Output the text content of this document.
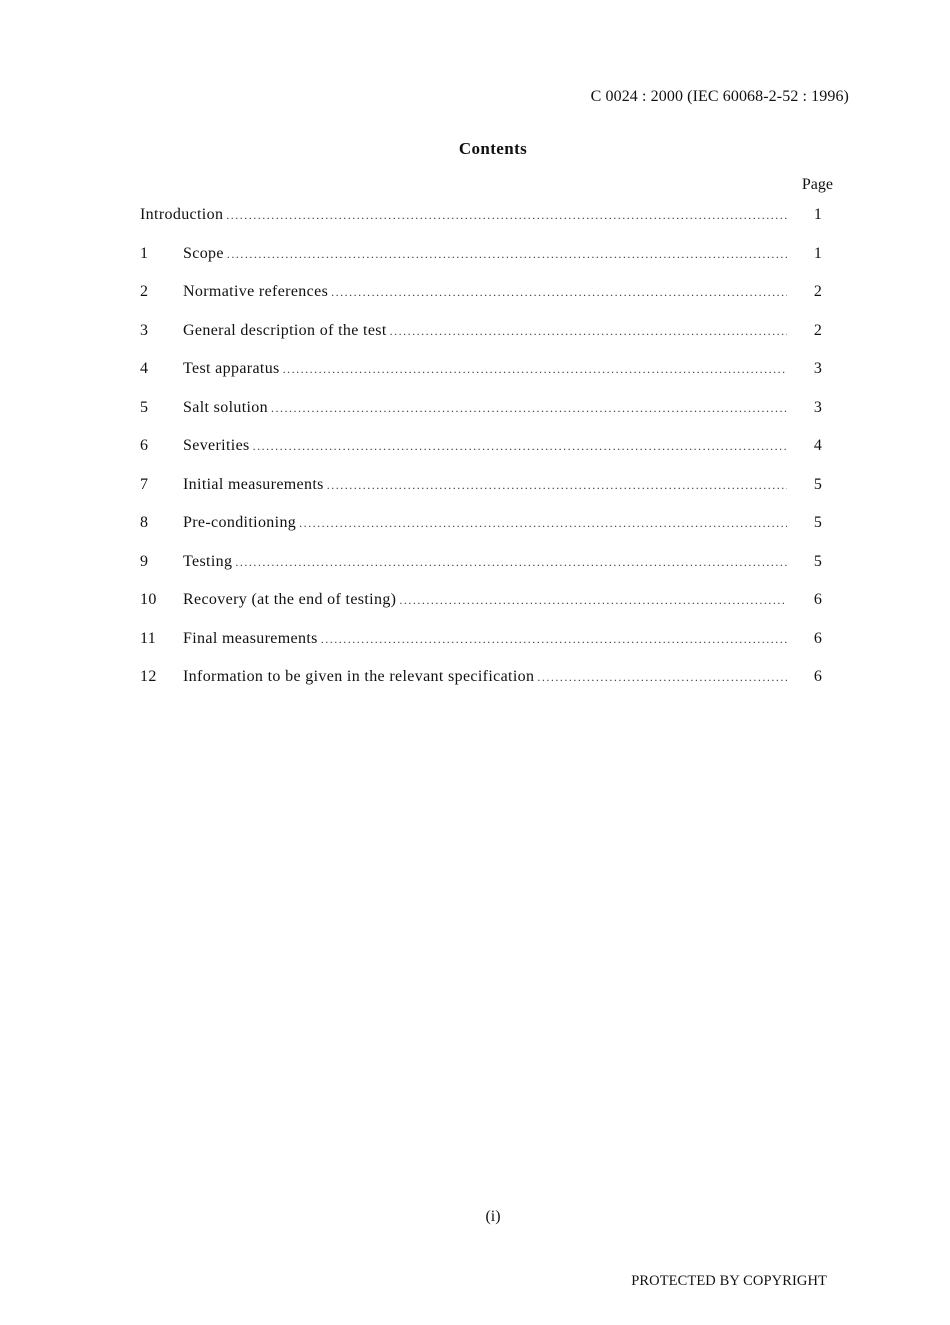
C 0024 : 2000 (IEC 60068-2-52 : 1996)
Contents
Page
Introduction .....	1
1	Scope .....	1
2	Normative references .....	2
3	General description of the test .....	2
4	Test apparatus .....	3
5	Salt solution .....	3
6	Severities .....	4
7	Initial measurements .....	5
8	Pre-conditioning .....	5
9	Testing .....	5
10	Recovery (at the end of testing) .....	6
11	Final measurements .....	6
12	Information to be given in the relevant specification .....	6
(i)
PROTECTED BY COPYRIGHT
